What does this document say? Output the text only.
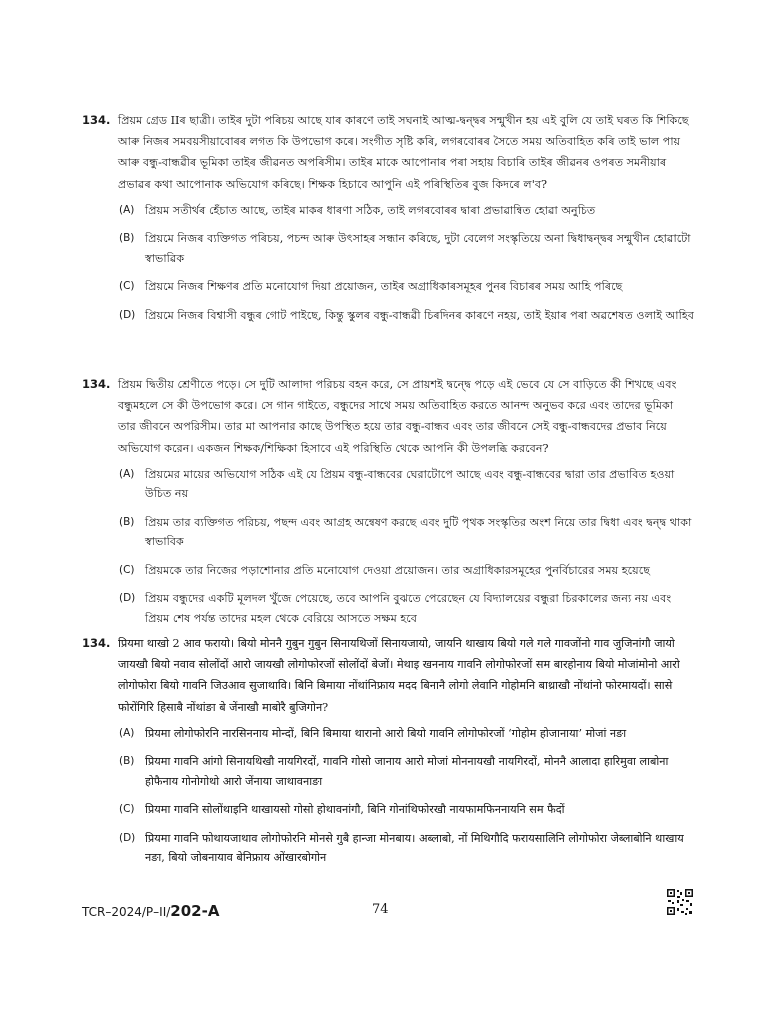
134. প্ৰিয়ম গ্ৰেড IIৰ ছাত্ৰী। তাইৰ দুটা পৰিচয় আছে যাৰ কাৰণে তাই সঘনাই আত্ম-দ্বন্দ্বৰ সন্মুখীন হয় এই বুলি যে তাই ঘৰত কি শিকিছে আৰু নিজৰ সমবয়সীয়াবোৰৰ লগত কি উপভোগ কৰে। সংগীত সৃষ্টি কৰি, লগৰবোৰৰ সৈতে সময় অতিবাহিত কৰি তাই ভাল পায় আৰু বন্ধু-বান্ধৱীৰ ভূমিকা তাইৰ জীৱনত অপৰিসীম। তাইৰ মাকে আপোনাৰ পৰা সহায় বিচাৰি তাইৰ জীৱনৰ ওপৰত সমনীয়াৰ প্ৰভাৱৰ কথা আপোনাক অভিযোগ কৰিছে। শিক্ষক হিচাবে আপুনি এই পৰিস্থিতিৰ বুজ কিদৰে ল'ব?
(A) প্ৰিয়ম সতীৰ্থৰ হেঁচাত আছে, তাইৰ মাকৰ ধাৰণা সঠিক, তাই লগৰবোৰৰ দ্বাৰা প্ৰভাৱান্বিত হোৱা অনুচিত
(B) প্ৰিয়মে নিজৰ ব্যক্তিগত পৰিচয়, পচন্দ আৰু উৎসাহৰ সন্ধান কৰিছে, দুটা বেলেগ সংস্কৃতিয়ে অনা দ্বিধাদ্বন্দ্বৰ সন্মুখীন হোৱাটো স্বাভাৱিক
(C) প্ৰিয়মে নিজৰ শিক্ষণৰ প্ৰতি মনোযোগ দিয়া প্ৰয়োজন, তাইৰ অগ্ৰাধিকাৰসমূহৰ পুনৰ বিচাৰৰ সময় আহি পৰিছে
(D) প্ৰিয়মে নিজৰ বিশ্বাসী বন্ধুৰ গোট পাইছে, কিন্তু স্কুলৰ বন্ধু-বান্ধৱী চিৰদিনৰ কাৰণে নহয়, তাই ইয়াৰ পৰা অৱশেষত ওলাই আহিব
134. প্রিয়ম দ্বিতীয় শ্রেণীতে পড়ে। সে দুটি আলাদা পরিচয় বহন করে, সে প্রায়শই দ্বন্দ্বে পড়ে এই ভেবে যে সে বাড়িতে কী শিখছে এবং বন্ধুমহলে সে কী উপভোগ করে। সে গান গাইতে, বন্ধুদের সাথে সময় অতিবাহিত করতে আনন্দ অনুভব করে এবং তাদের ভূমিকা তার জীবনে অপরিসীম। তার মা আপনার কাছে উপস্থিত হয়ে তার বন্ধু-বান্ধব এবং তার জীবনে সেই বন্ধু-বান্ধবদের প্রভাব নিয়ে অভিযোগ করেন। একজন শিক্ষক/শিক্ষিকা হিসাবে এই পরিস্থিতি থেকে আপনি কী উপলব্ধি করবেন?
(A) প্রিয়মের মায়ের অভিযোগ সঠিক এই যে প্রিয়ম বন্ধু-বান্ধবের ঘেরাটোপে আছে এবং বন্ধু-বান্ধবের দ্বারা তার প্রভাবিত হওয়া উচিত নয়
(B) প্রিয়ম তার ব্যক্তিগত পরিচয়, পছন্দ এবং আগ্রহ অন্বেষণ করছে এবং দুটি পৃথক সংস্কৃতির অংশ নিয়ে তার দ্বিধা এবং দ্বন্দ্ব থাকা স্বাভাবিক
(C) প্রিয়মকে তার নিজের পড়াশোনার প্রতি মনোযোগ দেওয়া প্রয়োজন। তার অগ্রাধিকারসমূহের পুনর্বিচারের সময় হয়েছে
(D) প্রিয়ম বন্ধুদের একটি মূলদল খুঁজে পেয়েছে, তবে আপনি বুঝতে পেরেছেন যে বিদ্যালয়ের বন্ধুরা চিরকালের জন্য নয় এবং প্রিয়ম শেষ পর্যন্ত তাদের মহল থেকে বেরিয়ে আসতে সক্ষম হবে
134. प्रियमा थाखो 2 आव फरायो। बियो मोननै गुबुन गुबुन सिनायथिजों सिनायजायो, जायनि थाखाय बियो गले गले गावजोंनो गाव जुजिनांगौ जायो जायखौ बियो नवाव सोलोंदों आरो जायखौ लोगोफोरजों सोलोंदों बेजों। मेथाइ खननाय गावनि लोगोफोरजों सम बारहोनाय बियो मोजांमोनो आरो लोगोफोरा बियो गावनि जिउआव सुजाथावि। बिनि बिमाया नोंथांनिफ्राय मदद बिनानै लोगो लेवानि गोहोमनि बाथ्राखौ नोंथांनो फोरमायदों। सासे फोरोंगिरि हिसाबै नोंथांङा बे जेंनाखौ माबोरै बुजिगोन?
(A) प्रियमा लोगोफोरनि नारसिननाय मोन्दों, बिनि बिमाया थारानो आरो बियो गावनि लोगोफोरजों ‘गोहोम होजानाया’ मोजां नङा
(B) प्रियमा गावनि आंगो सिनायथिखौ नायगिरदों, गावनि गोसो जानाय आरो मोजां मोननायखौ नायगिरदों, मोननै आलादा हारिमुवा लाबोना होफैनाय गोनोगोथो आरो जेंनाया जाथावनाङा
(C) प्रियमा गावनि सोलोंथाइनि थाखायसो गोसो होथावनांगौ, बिनि गोनांथिफोरखौ नायफामफिननायनि सम फैदों
(D) प्रियमा गावनि फोथायजाथाव लोगोफोरनि मोनसे गुबै हान्जा मोनबाय। अब्लाबो, नों मिथिगौदि फरायसालिनि लोगोफोरा जेब्लाबोनि थाखाय नङा, बियो जोबनायाव बेनिफ्राय ओंखारबोगोन
TCR–2024/P–II/202-A	74
